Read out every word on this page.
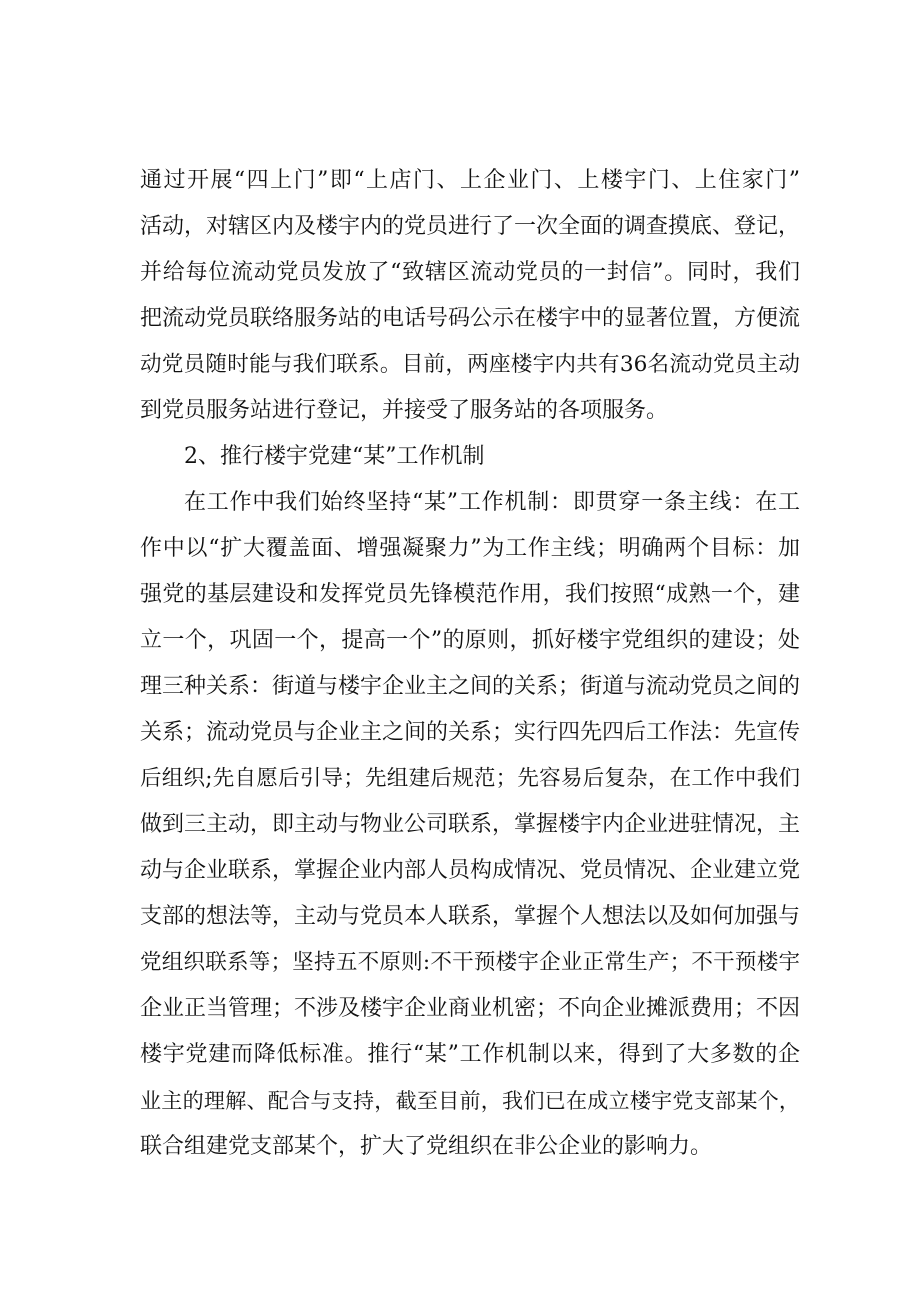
通过开展“四上门”即“上店门、上企业门、上楼宇门、上住家门”
活动，对辖区内及楼宇内的党员进行了一次全面的调查摸底、登记，
并给每位流动党员发放了“致辖区流动党员的一封信”。同时，我们
把流动党员联络服务站的电话号码公示在楼宇中的显著位置，方便流
动党员随时能与我们联系。目前，两座楼宇内共有36名流动党员主动
到党员服务站进行登记，并接受了服务站的各项服务。

2、推行楼宇党建“某”工作机制

在工作中我们始终坚持“某”工作机制：即贯穿一条主线：在工
作中以“扩大覆盖面、增强凝聚力”为工作主线；明确两个目标：加
强党的基层建设和发挥党员先锋模范作用，我们按照“成熟一个，建
立一个，巩固一个，提高一个”的原则，抓好楼宇党组织的建设；处
理三种关系：街道与楼宇企业主之间的关系；街道与流动党员之间的
关系；流动党员与企业主之间的关系；实行四先四后工作法：先宣传
后组织;先自愿后引导；先组建后规范；先容易后复杂，在工作中我们
做到三主动，即主动与物业公司联系，掌握楼宇内企业进驻情况，主
动与企业联系，掌握企业内部人员构成情况、党员情况、企业建立党
支部的想法等，主动与党员本人联系，掌握个人想法以及如何加强与
党组织联系等；坚持五不原则:不干预楼宇企业正常生产；不干预楼宇
企业正当管理；不涉及楼宇企业商业机密；不向企业摊派费用；不因
楼宇党建而降低标准。推行“某”工作机制以来，得到了大多数的企
业主的理解、配合与支持，截至目前，我们已在成立楼宇党支部某个，
联合组建党支部某个，扩大了党组织在非公企业的影响力。
